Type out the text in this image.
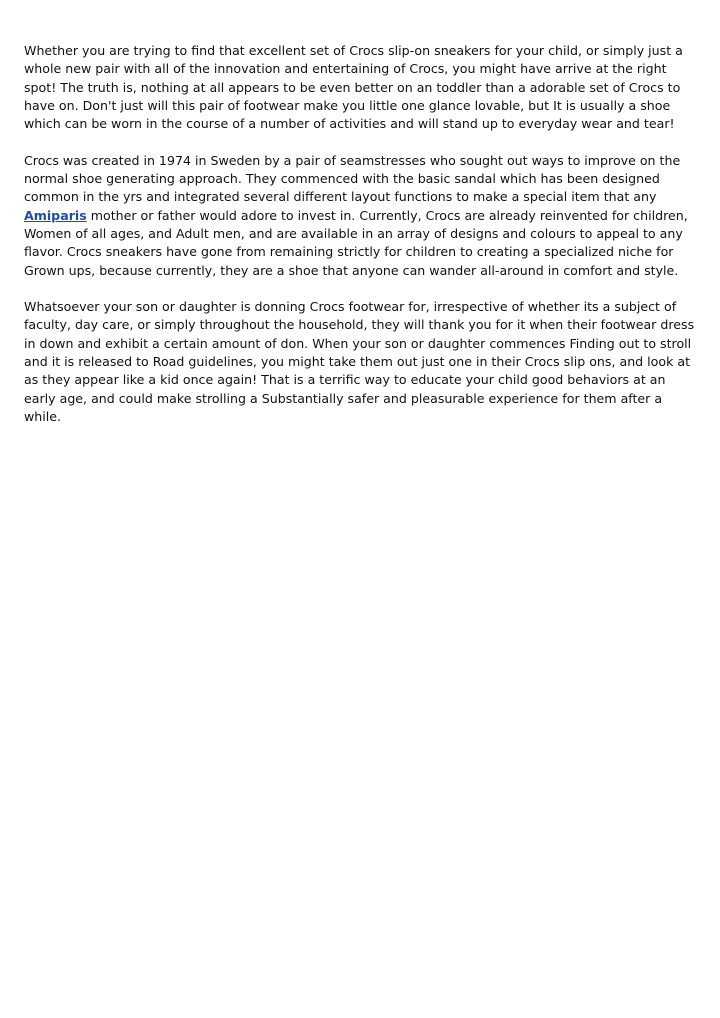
Whether you are trying to find that excellent set of Crocs slip-on sneakers for your child, or simply just a whole new pair with all of the innovation and entertaining of Crocs, you might have arrive at the right spot! The truth is, nothing at all appears to be even better on an toddler than a adorable set of Crocs to have on. Don't just will this pair of footwear make you little one glance lovable, but It is usually a shoe which can be worn in the course of a number of activities and will stand up to everyday wear and tear!

Crocs was created in 1974 in Sweden by a pair of seamstresses who sought out ways to improve on the normal shoe generating approach. They commenced with the basic sandal which has been designed common in the yrs and integrated several different layout functions to make a special item that any Amiparis mother or father would adore to invest in. Currently, Crocs are already reinvented for children, Women of all ages, and Adult men, and are available in an array of designs and colours to appeal to any flavor. Crocs sneakers have gone from remaining strictly for children to creating a specialized niche for Grown ups, because currently, they are a shoe that anyone can wander all-around in comfort and style.

Whatsoever your son or daughter is donning Crocs footwear for, irrespective of whether its a subject of faculty, day care, or simply throughout the household, they will thank you for it when their footwear dress in down and exhibit a certain amount of don. When your son or daughter commences Finding out to stroll and it is released to Road guidelines, you might take them out just one in their Crocs slip ons, and look at as they appear like a kid once again! That is a terrific way to educate your child good behaviors at an early age, and could make strolling a Substantially safer and pleasurable experience for them after a while.
